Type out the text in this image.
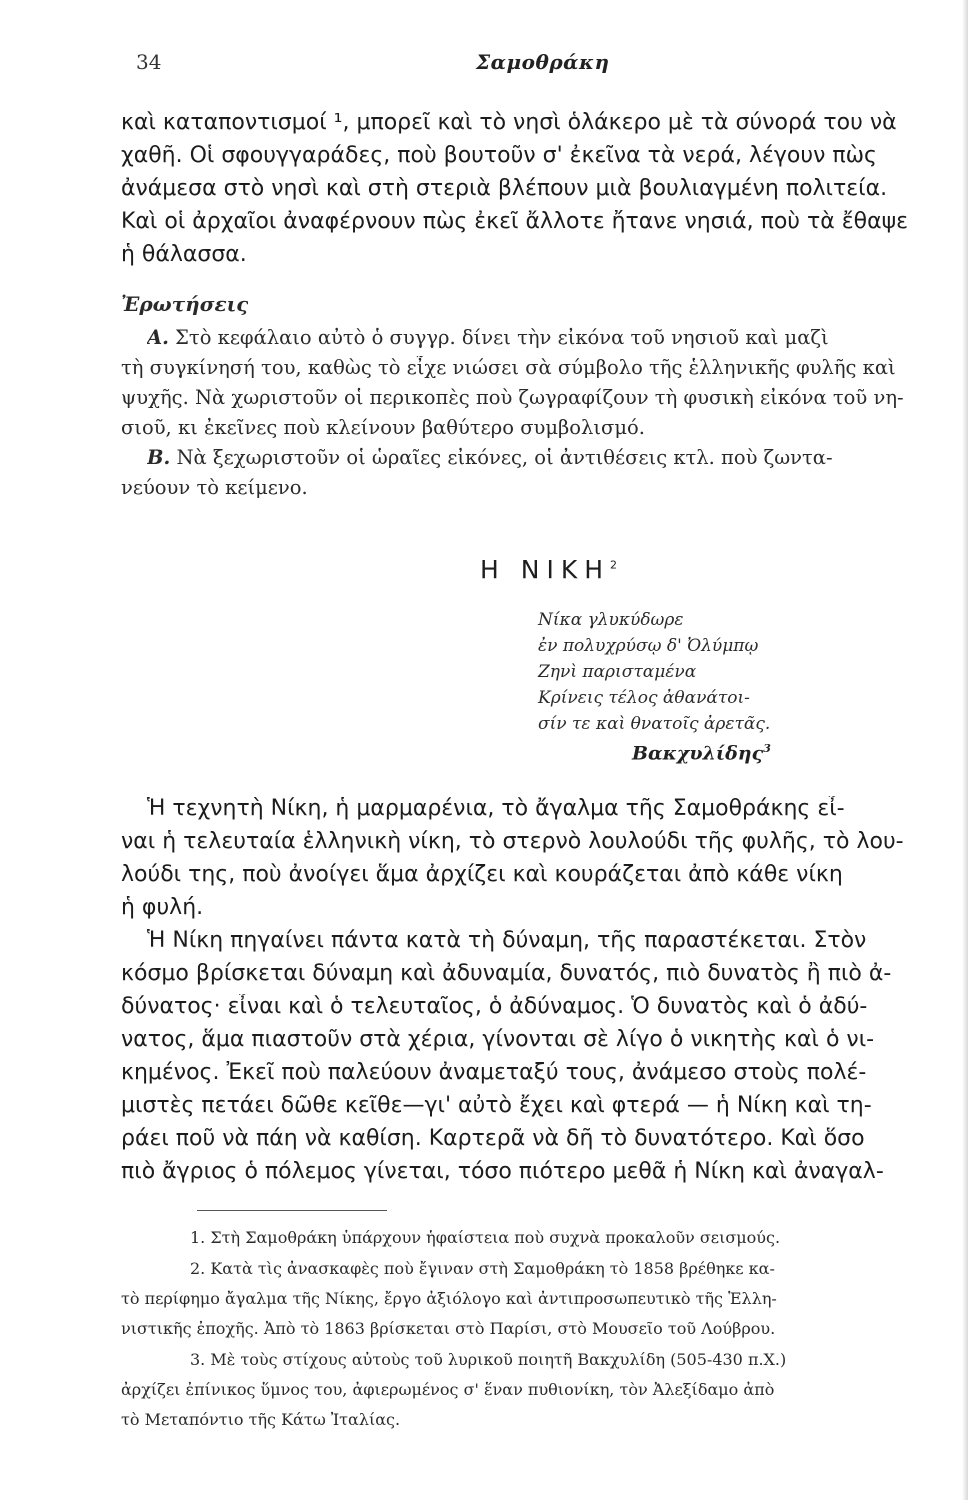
34	Σαμοθράκη
καὶ καταποντισμοί ¹, μπορεῖ καὶ τὸ νησὶ ὁλάκερο μὲ τὰ σύνορά του νὰ
χαθῆ. Οἱ σφουγγαράδες, ποὺ βουτοῦν σ' ἐκεῖνα τὰ νερά, λέγουν πὼς
ἀνάμεσα στὸ νησὶ καὶ στὴ στεριὰ βλέπουν μιὰ βουλιαγμένη πολιτεία.
Καὶ οἱ ἀρχαῖοι ἀναφέρνουν πὼς ἐκεῖ ἄλλοτε ἤτανε νησιά, ποὺ τὰ ἔθαψε
ἡ θάλασσα.
Ἐρωτήσεις
Α. Στὸ κεφάλαιο αὐτὸ ὁ συγγρ. δίνει τὴν εἰκόνα τοῦ νησιοῦ καὶ μαζὶ
τὴ συγκίνησή του, καθὼς τὸ εἶχε νιώσει σὰ σύμβολο τῆς ἑλληνικῆς φυλῆς καὶ
ψυχῆς. Νὰ χωριστοῦν οἱ περικοπὲς ποὺ ζωγραφίζουν τὴ φυσικὴ εἰκόνα τοῦ νη-
σιοῦ, κι ἐκεῖνες ποὺ κλείνουν βαθύτερο συμβολισμό.
Β. Νὰ ξεχωριστοῦν οἱ ὡραῖες εἰκόνες, οἱ ἀντιθέσεις κτλ. ποὺ ζωντα-
νεύουν τὸ κείμενο.
Η ΝΙΚΗ$^2$
Νίκα γλυκύδωρε
ἐν πολυχρύσῳ δ' Ὀλύμπῳ
Ζηνὶ παρισταμένα
Κρίνεις τέλος ἀθανάτοι-
σίν τε καὶ θνατοῖς ἀρετᾶς.
Βακχυλίδης$^3$
Ἡ τεχνητὴ Νίκη, ἡ μαρμαρένια, τὸ ἄγαλμα τῆς Σαμοθράκης εἶ-
ναι ἡ τελευταία ἑλληνικὴ νίκη, τὸ στερνὸ λουλούδι τῆς φυλῆς, τὸ λου-
λούδι της, ποὺ ἀνοίγει ἅμα ἀρχίζει καὶ κουράζεται ἀπὸ κάθε νίκη
ἡ φυλή.
Ἡ Νίκη πηγαίνει πάντα κατὰ τὴ δύναμη, τῆς παραστέκεται. Στὸν
κόσμο βρίσκεται δύναμη καὶ ἀδυναμία, δυνατός, πιὸ δυνατὸς ἢ πιὸ ἀ-
δύνατος· εἶναι καὶ ὁ τελευταῖος, ὁ ἀδύναμος. Ὁ δυνατὸς καὶ ὁ ἀδύ-
νατος, ἅμα πιαστοῦν στὰ χέρια, γίνονται σὲ λίγο ὁ νικητὴς καὶ ὁ νι-
κημένος. Ἐκεῖ ποὺ παλεύουν ἀναμεταξύ τους, ἀνάμεσο στοὺς πολέ-
μιστὲς πετάει δῶθε κεῖθε—γι' αὐτὸ ἔχει καὶ φτερά — ἡ Νίκη καὶ τη-
ράει ποῦ νὰ πάη νὰ καθίση. Καρτερᾶ νὰ δῆ τὸ δυνατότερο. Καὶ ὅσο
πιὸ ἄγριος ὁ πόλεμος γίνεται, τόσο πιότερο μεθᾶ ἡ Νίκη καὶ ἀναγαλ-
1. Στὴ Σαμοθράκη ὑπάρχουν ἡφαίστεια ποὺ συχνὰ προκαλοῦν σεισμούς.
2. Κατὰ τὶς ἀνασκαφὲς ποὺ ἔγιναν στὴ Σαμοθράκη τὸ 1858 βρέθηκε κα-
τὸ περίφημο ἄγαλμα τῆς Νίκης, ἔργο ἀξιόλογο καὶ ἀντιπροσωπευτικὸ τῆς Ἑλλη-
νιστικῆς ἐποχῆς. Ἀπὸ τὸ 1863 βρίσκεται στὸ Παρίσι, στὸ Μουσεῖο τοῦ Λούβρου.
3. Μὲ τοὺς στίχους αὐτοὺς τοῦ λυρικοῦ ποιητῆ Βακχυλίδη (505-430 π.Χ.)
ἀρχίζει ἐπίνικος ὕμνος του, ἀφιερωμένος σ' ἕναν πυθιονίκη, τὸν Ἀλεξίδαμο ἀπὸ
τὸ Μεταπόντιο τῆς Κάτω Ἰταλίας.
